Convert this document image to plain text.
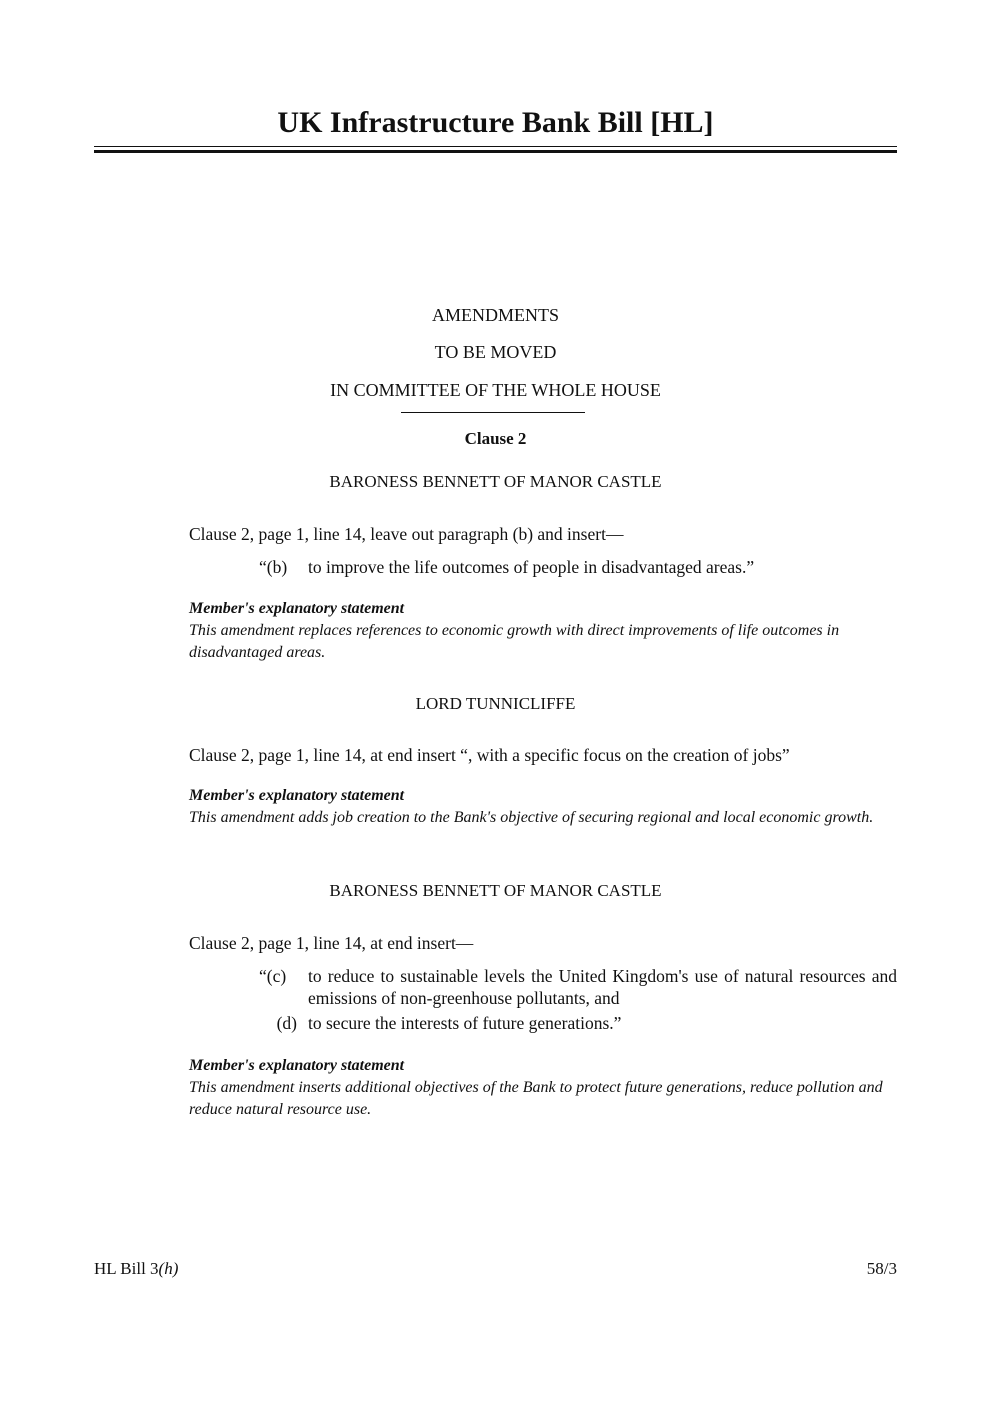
UK Infrastructure Bank Bill [HL]
AMENDMENTS
TO BE MOVED
IN COMMITTEE OF THE WHOLE HOUSE
Clause 2
BARONESS BENNETT OF MANOR CASTLE
Clause 2, page 1, line 14, leave out paragraph (b) and insert—
“(b)	to improve the life outcomes of people in disadvantaged areas.”
Member's explanatory statement
This amendment replaces references to economic growth with direct improvements of life outcomes in disadvantaged areas.
LORD TUNNICLIFFE
Clause 2, page 1, line 14, at end insert “, with a specific focus on the creation of jobs”
Member's explanatory statement
This amendment adds job creation to the Bank's objective of securing regional and local economic growth.
BARONESS BENNETT OF MANOR CASTLE
Clause 2, page 1, line 14, at end insert—
“(c)	to reduce to sustainable levels the United Kingdom's use of natural resources and emissions of non-greenhouse pollutants, and
(d) to secure the interests of future generations.”
Member's explanatory statement
This amendment inserts additional objectives of the Bank to protect future generations, reduce pollution and reduce natural resource use.
HL Bill 3(h)	58/3
